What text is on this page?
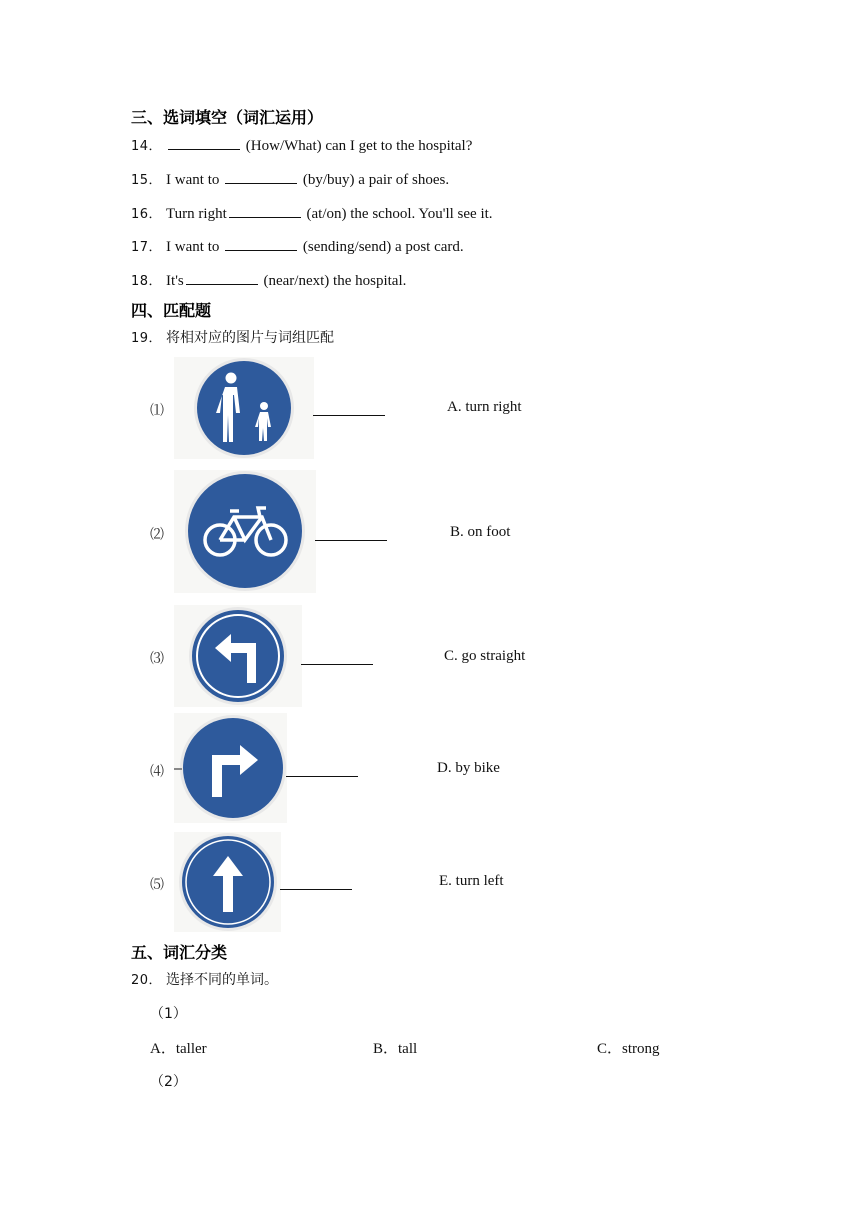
三、选词填空（词汇运用）
14．	(How/What) can I get to the hospital?
15． I want to	(by/buy) a pair of shoes.
16． Turn right	(at/on) the school. You'll see it.
17． I want to	(sending/send) a post card.
18． It's	(near/next) the hospital.
四、匹配题
19． 将相对应的图片与词组匹配
⑴	A. turn right
⑵	B. on foot
⑶	C. go straight
⑷	D. by bike
⑸	E. turn left
五、词汇分类
20． 选择不同的单词。
（1）
A．taller	B．tall	C．strong
（2）
